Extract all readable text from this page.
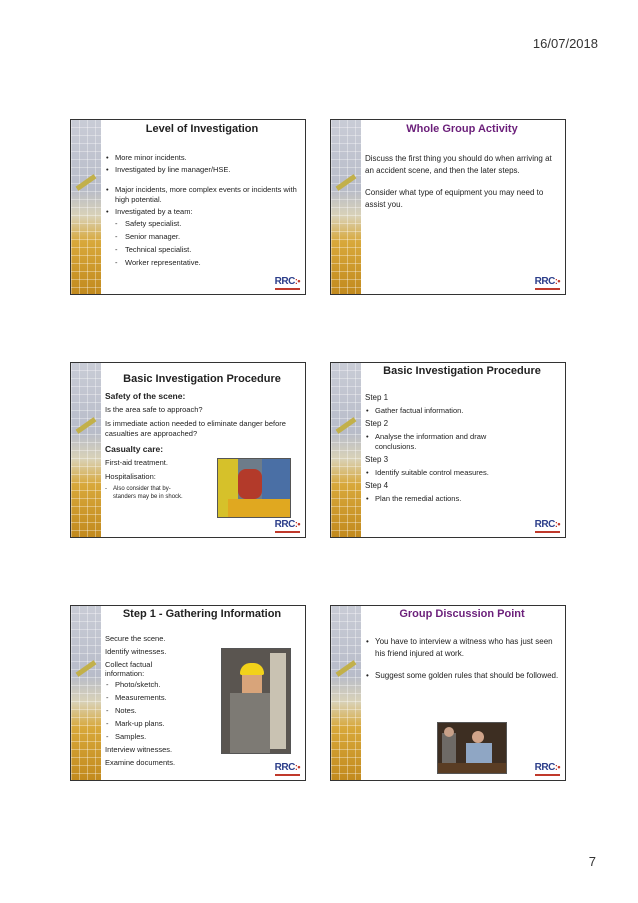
16/07/2018
Level of Investigation
• More minor incidents.
• Investigated by line manager/HSE.
• Major incidents, more complex events or incidents with high potential.
• Investigated by a team:
- Safety specialist.
- Senior manager.
- Technical specialist.
- Worker representative.
RRC:•
Whole Group Activity

Discuss the first thing you should do when arriving at an accident scene, and then the later steps.

Consider what type of equipment you may need to assist you.

RRC:•
Basic Investigation Procedure
Safety of the scene:
Is the area safe to approach?
Is immediate action needed to eliminate danger before casualties are approached?
Casualty care:
First-aid treatment.
Hospitalisation:
- Also consider that by-standers may be in shock.
RRC:•
Basic Investigation Procedure
Step 1
• Gather factual information.
Step 2
• Analyse the information and draw conclusions.
Step 3
• Identify suitable control measures.
Step 4
• Plan the remedial actions.
RRC:•
Step 1 - Gathering Information
Secure the scene.
Identify witnesses.
Collect factual information:
- Photo/sketch.
- Measurements.
- Notes.
- Mark-up plans.
- Samples.
Interview witnesses.
Examine documents.	RRC:•
Group Discussion Point
• You have to interview a witness who has just seen his friend injured at work.
• Suggest some golden rules that should be followed.
RRC:•
7
